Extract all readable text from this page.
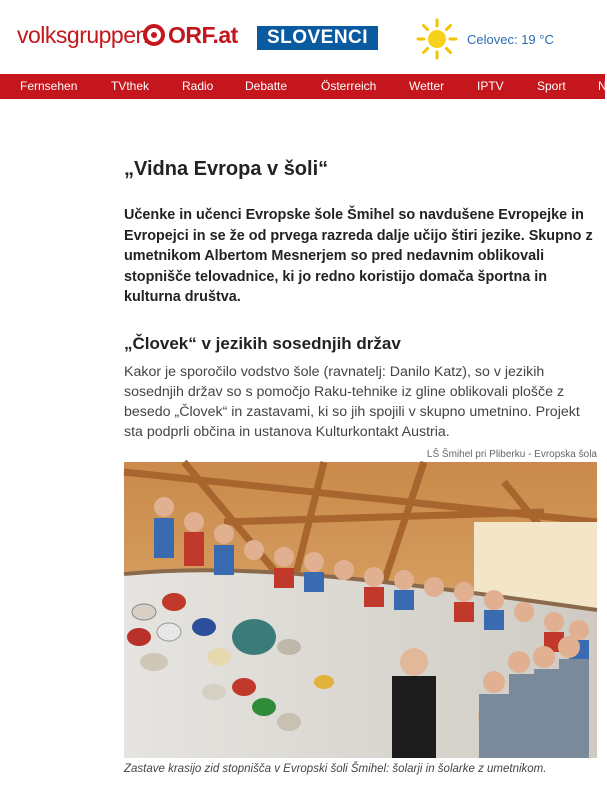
volksgruppen ORF.at	SLOVENCI	Celovec: 19 °C
Fernsehen	TVthek	Radio	Debatte	Österreich	Wetter	IPTV	Sport	N
„Vidna Evropa v šoli“

Učenke in učenci Evropske šole Šmihel so navdušene Evropejke in Evropejci in se že od prvega razreda dalje učijo štiri jezike. Skupno z umetnikom Albertom Mesnerjem so pred nedavnim oblikovali stopnišče telovadnice, ki jo redno koristijo domača športna in kulturna društva.

„Človek“ v jezikih sosednjih držav

Kakor je sporočilo vodstvo šole (ravnatelj: Danilo Katz), so v jezikih sosednjih držav so s pomočjo Raku-tehnike iz gline oblikovali plošče z besedo „Človek“ in zastavami, ki so jih spojili v skupno umetnino. Projekt sta podprli občina in ustanova Kulturkontakt Austria.

LŠ Šmihel pri Pliberku - Evropska šola

Zastave krasijo zid stopnišča v Evropski šoli Šmihel: šolarji in šolarke z umetnikom.
